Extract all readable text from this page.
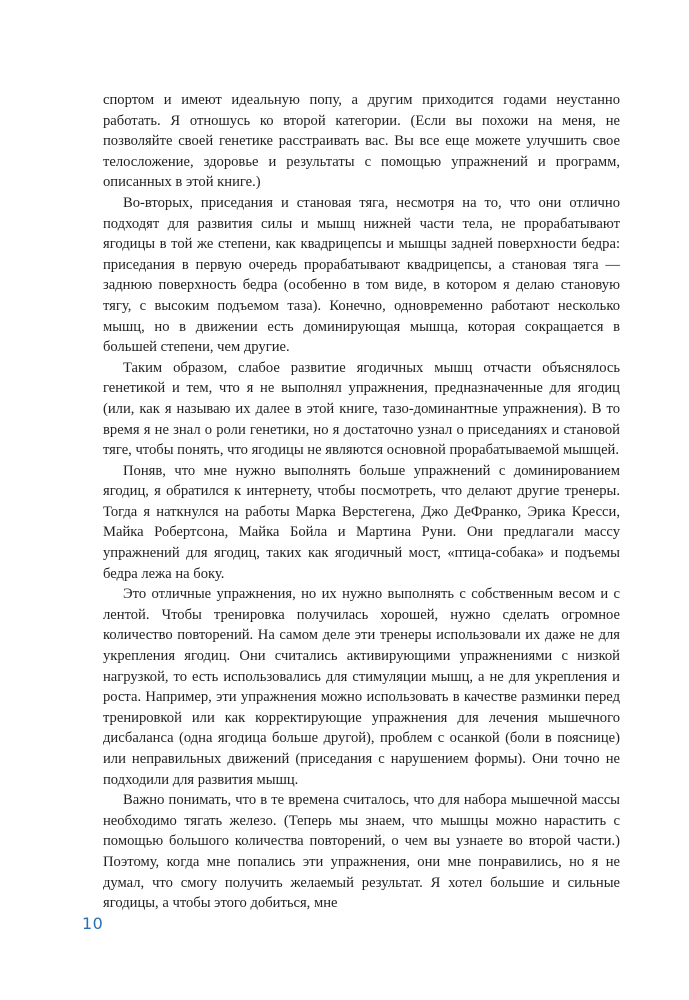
спортом и имеют идеальную попу, а другим приходится годами неустанно работать. Я отношусь ко второй категории. (Если вы похожи на меня, не позволяйте своей генетике расстраивать вас. Вы все еще можете улучшить свое телосложение, здоровье и результаты с помощью упражнений и программ, описанных в этой книге.)

Во-вторых, приседания и становая тяга, несмотря на то, что они отлично подходят для развития силы и мышц нижней части тела, не прорабатывают ягодицы в той же степени, как квадрицепсы и мышцы задней поверхности бедра: приседания в первую очередь прорабатывают квадрицепсы, а становая тяга — заднюю поверхность бедра (особенно в том виде, в котором я делаю становую тягу, с высоким подъемом таза). Конечно, одновременно работают несколько мышц, но в движении есть доминирующая мышца, которая сокращается в большей степени, чем другие.

Таким образом, слабое развитие ягодичных мышц отчасти объяснялось генетикой и тем, что я не выполнял упражнения, предназначенные для ягодиц (или, как я называю их далее в этой книге, тазо-доминантные упражнения). В то время я не знал о роли генетики, но я достаточно узнал о приседаниях и становой тяге, чтобы понять, что ягодицы не являются основной прорабатываемой мышцей.

Поняв, что мне нужно выполнять больше упражнений с доминированием ягодиц, я обратился к интернету, чтобы посмотреть, что делают другие тренеры. Тогда я наткнулся на работы Марка Верстегена, Джо ДеФранко, Эрика Кресси, Майка Робертсона, Майка Бойла и Мартина Руни. Они предлагали массу упражнений для ягодиц, таких как ягодичный мост, «птица-собака» и подъемы бедра лежа на боку.

Это отличные упражнения, но их нужно выполнять с собственным весом и с лентой. Чтобы тренировка получилась хорошей, нужно сделать огромное количество повторений. На самом деле эти тренеры использовали их даже не для укрепления ягодиц. Они считались активирующими упражнениями с низкой нагрузкой, то есть использовались для стимуляции мышц, а не для укрепления и роста. Например, эти упражнения можно использовать в качестве разминки перед тренировкой или как корректирующие упражнения для лечения мышечного дисбаланса (одна ягодица больше другой), проблем с осанкой (боли в пояснице) или неправильных движений (приседания с нарушением формы). Они точно не подходили для развития мышц.

Важно понимать, что в те времена считалось, что для набора мышечной массы необходимо тягать железо. (Теперь мы знаем, что мышцы можно нарастить с помощью большого количества повторений, о чем вы узнаете во второй части.) Поэтому, когда мне попались эти упражнения, они мне понравились, но я не думал, что смогу получить желаемый результат. Я хотел большие и сильные ягодицы, а чтобы этого добиться, мне

10
